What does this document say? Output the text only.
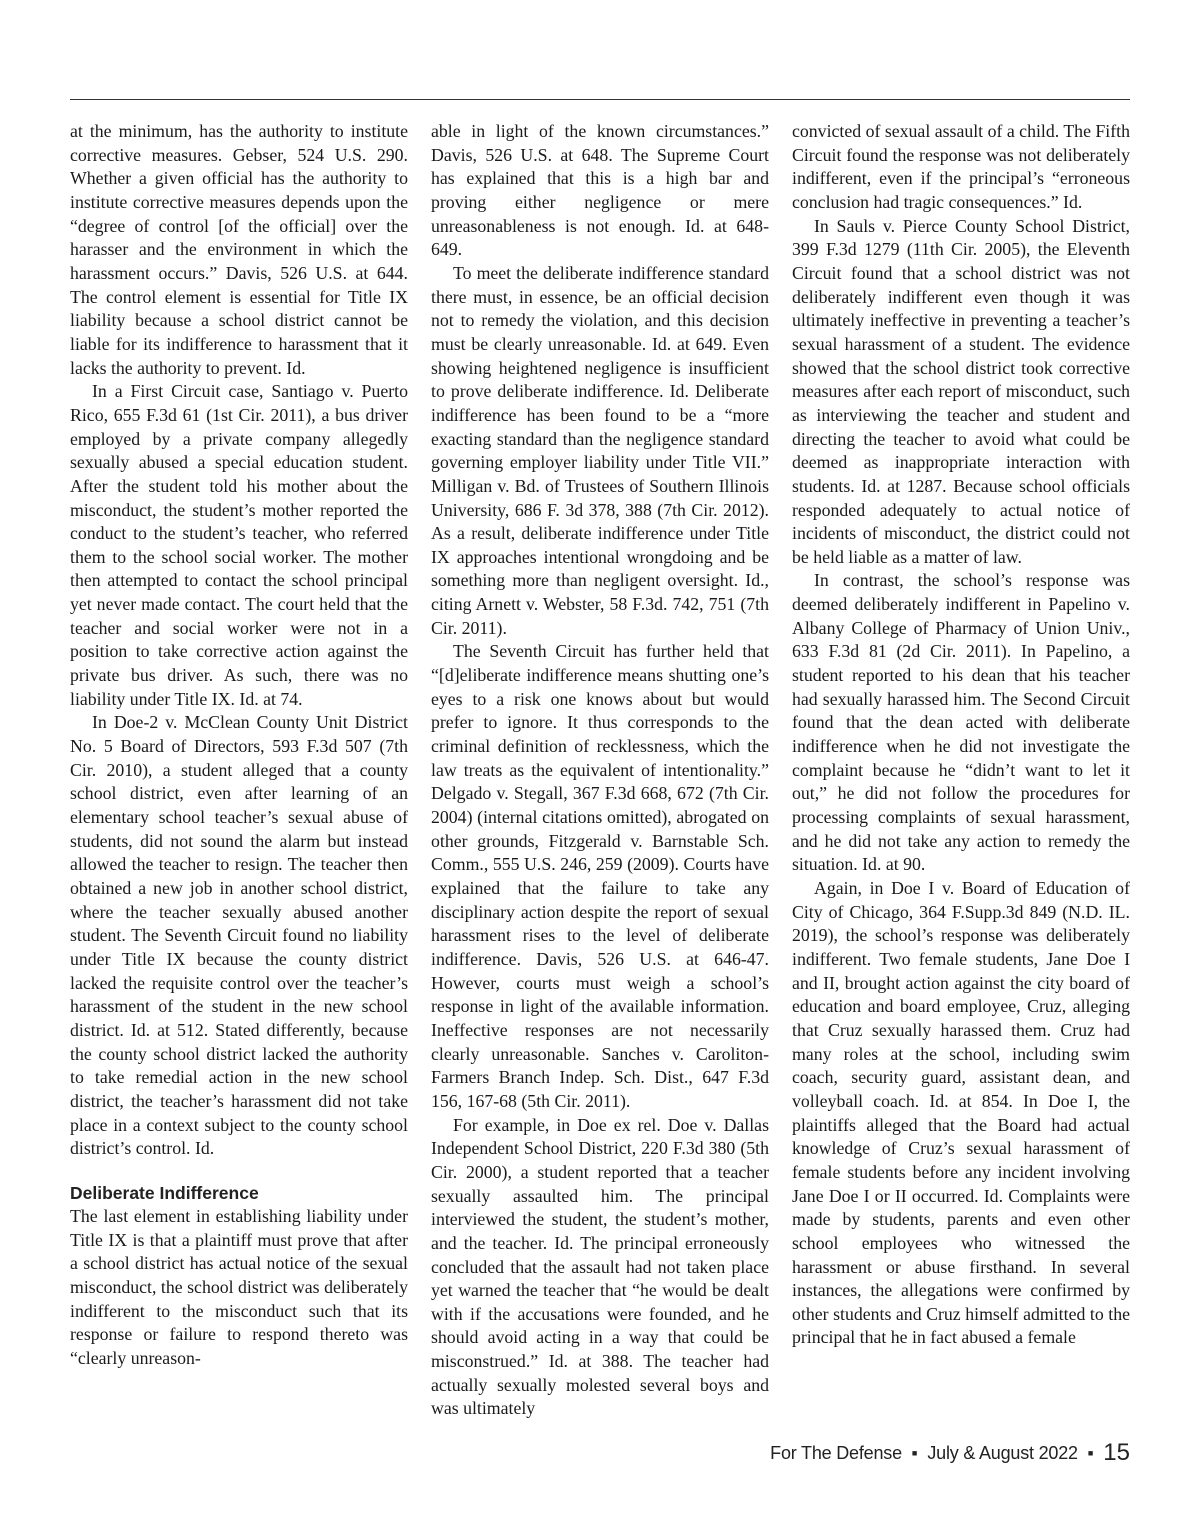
at the minimum, has the authority to institute corrective measures. Gebser, 524 U.S. 290. Whether a given official has the authority to institute corrective measures depends upon the “degree of control [of the official] over the harasser and the environment in which the harassment occurs.” Davis, 526 U.S. at 644. The control element is essential for Title IX liability because a school district cannot be liable for its indifference to harassment that it lacks the authority to prevent. Id.

In a First Circuit case, Santiago v. Puerto Rico, 655 F.3d 61 (1st Cir. 2011), a bus driver employed by a private company allegedly sexually abused a special education student. After the student told his mother about the misconduct, the student’s mother reported the conduct to the student’s teacher, who referred them to the school social worker. The mother then attempted to contact the school principal yet never made contact. The court held that the teacher and social worker were not in a position to take corrective action against the private bus driver. As such, there was no liability under Title IX. Id. at 74.

In Doe-2 v. McClean County Unit District No. 5 Board of Directors, 593 F.3d 507 (7th Cir. 2010), a student alleged that a county school district, even after learning of an elementary school teacher’s sexual abuse of students, did not sound the alarm but instead allowed the teacher to resign. The teacher then obtained a new job in another school district, where the teacher sexually abused another student. The Seventh Circuit found no liability under Title IX because the county district lacked the requisite control over the teacher’s harassment of the student in the new school district. Id. at 512. Stated differently, because the county school district lacked the authority to take remedial action in the new school district, the teacher’s harassment did not take place in a context subject to the county school district’s control. Id.

Deliberate Indifference

The last element in establishing liability under Title IX is that a plaintiff must prove that after a school district has actual notice of the sexual misconduct, the school district was deliberately indifferent to the misconduct such that its response or failure to respond thereto was “clearly unreason-

able in light of the known circumstances.” Davis, 526 U.S. at 648. The Supreme Court has explained that this is a high bar and proving either negligence or mere unreasonableness is not enough. Id. at 648-649.

To meet the deliberate indifference standard there must, in essence, be an official decision not to remedy the violation, and this decision must be clearly unreasonable. Id. at 649. Even showing heightened negligence is insufficient to prove deliberate indifference. Id. Deliberate indifference has been found to be a “more exacting standard than the negligence standard governing employer liability under Title VII.” Milligan v. Bd. of Trustees of Southern Illinois University, 686 F. 3d 378, 388 (7th Cir. 2012). As a result, deliberate indifference under Title IX approaches intentional wrongdoing and be something more than negligent oversight. Id., citing Arnett v. Webster, 58 F.3d. 742, 751 (7th Cir. 2011).

The Seventh Circuit has further held that “[d]eliberate indifference means shutting one’s eyes to a risk one knows about but would prefer to ignore. It thus corresponds to the criminal definition of recklessness, which the law treats as the equivalent of intentionality.” Delgado v. Stegall, 367 F.3d 668, 672 (7th Cir. 2004) (internal citations omitted), abrogated on other grounds, Fitzgerald v. Barnstable Sch. Comm., 555 U.S. 246, 259 (2009). Courts have explained that the failure to take any disciplinary action despite the report of sexual harassment rises to the level of deliberate indifference. Davis, 526 U.S. at 646-47. However, courts must weigh a school’s response in light of the available information. Ineffective responses are not necessarily clearly unreasonable. Sanches v. Caroliton-Farmers Branch Indep. Sch. Dist., 647 F.3d 156, 167-68 (5th Cir. 2011).

For example, in Doe ex rel. Doe v. Dallas Independent School District, 220 F.3d 380 (5th Cir. 2000), a student reported that a teacher sexually assaulted him. The principal interviewed the student, the student’s mother, and the teacher. Id. The principal erroneously concluded that the assault had not taken place yet warned the teacher that “he would be dealt with if the accusations were founded, and he should avoid acting in a way that could be misconstrued.” Id. at 388. The teacher had actually sexually molested several boys and was ultimately

convicted of sexual assault of a child. The Fifth Circuit found the response was not deliberately indifferent, even if the principal’s “erroneous conclusion had tragic consequences.” Id.

In Sauls v. Pierce County School District, 399 F.3d 1279 (11th Cir. 2005), the Eleventh Circuit found that a school district was not deliberately indifferent even though it was ultimately ineffective in preventing a teacher’s sexual harassment of a student. The evidence showed that the school district took corrective measures after each report of misconduct, such as interviewing the teacher and student and directing the teacher to avoid what could be deemed as inappropriate interaction with students. Id. at 1287. Because school officials responded adequately to actual notice of incidents of misconduct, the district could not be held liable as a matter of law.

In contrast, the school’s response was deemed deliberately indifferent in Papelino v. Albany College of Pharmacy of Union Univ., 633 F.3d 81 (2d Cir. 2011). In Papelino, a student reported to his dean that his teacher had sexually harassed him. The Second Circuit found that the dean acted with deliberate indifference when he did not investigate the complaint because he “didn’t want to let it out,” he did not follow the procedures for processing complaints of sexual harassment, and he did not take any action to remedy the situation. Id. at 90.

Again, in Doe I v. Board of Education of City of Chicago, 364 F.Supp.3d 849 (N.D. IL. 2019), the school’s response was deliberately indifferent. Two female students, Jane Doe I and II, brought action against the city board of education and board employee, Cruz, alleging that Cruz sexually harassed them. Cruz had many roles at the school, including swim coach, security guard, assistant dean, and volleyball coach. Id. at 854. In Doe I, the plaintiffs alleged that the Board had actual knowledge of Cruz’s sexual harassment of female students before any incident involving Jane Doe I or II occurred. Id. Complaints were made by students, parents and even other school employees who witnessed the harassment or abuse firsthand. In several instances, the allegations were confirmed by other students and Cruz himself admitted to the principal that he in fact abused a female

For The Defense ■ July & August 2022 ■ 15
